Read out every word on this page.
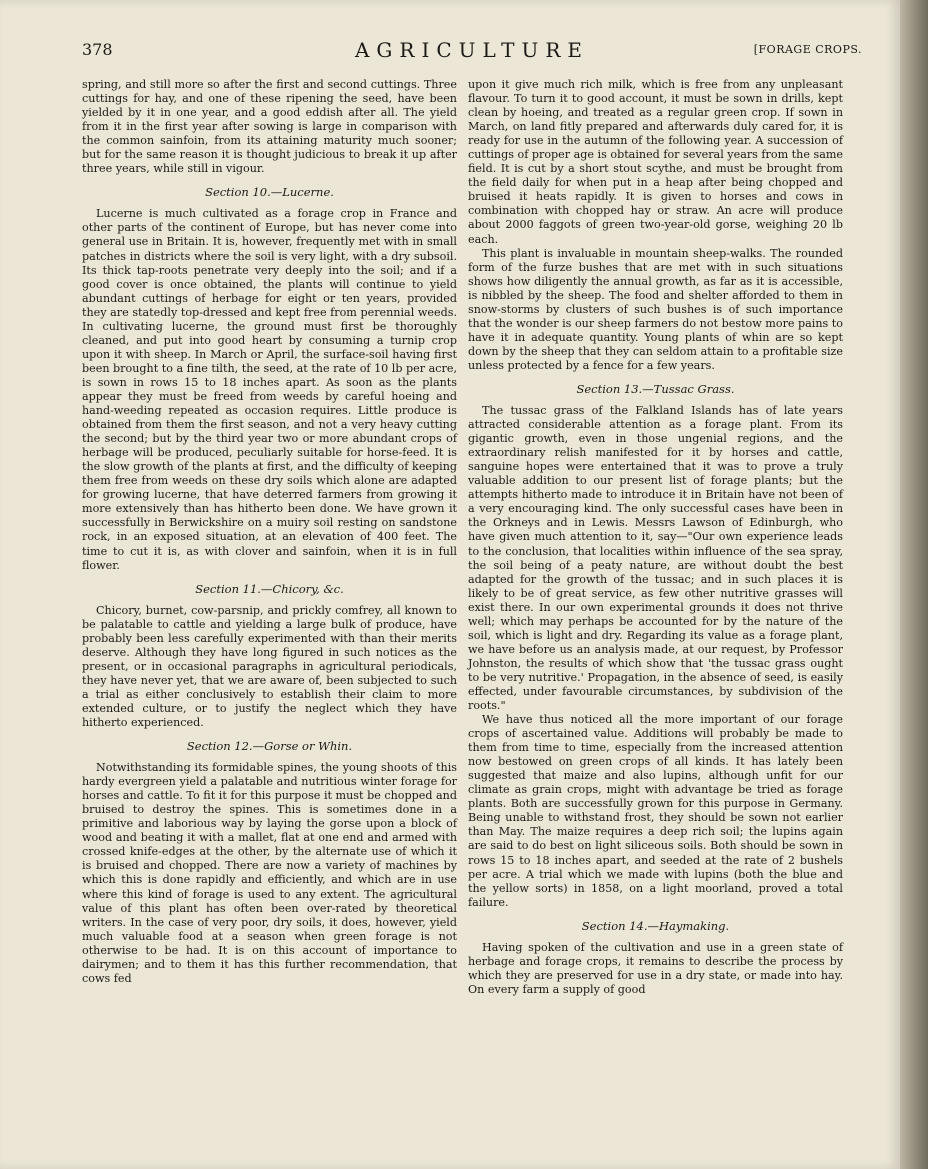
378	AGRICULTURE	[FORAGE CROPS.

spring, and still more so after the first and second cuttings. Three cuttings for hay, and one of these ripening the seed, have been yielded by it in one year, and a good eddish after all. The yield from it in the first year after sowing is large in comparison with the common sainfoin, from its attaining maturity much sooner; but for the same reason it is thought judicious to break it up after three years, while still in vigour.

Section 10.—Lucerne.

Lucerne is much cultivated as a forage crop in France and other parts of the continent of Europe, but has never come into general use in Britain. It is, however, frequently met with in small patches in districts where the soil is very light, with a dry subsoil. Its thick tap-roots penetrate very deeply into the soil; and if a good cover is once obtained, the plants will continue to yield abundant cuttings of herbage for eight or ten years, provided they are statedly top-dressed and kept free from perennial weeds. In cultivating lucerne, the ground must first be thoroughly cleaned, and put into good heart by consuming a turnip crop upon it with sheep. In March or April, the surface-soil having first been brought to a fine tilth, the seed, at the rate of 10 lb per acre, is sown in rows 15 to 18 inches apart. As soon as the plants appear they must be freed from weeds by careful hoeing and hand-weeding repeated as occasion requires. Little produce is obtained from them the first season, and not a very heavy cutting the second; but by the third year two or more abundant crops of herbage will be produced, peculiarly suitable for horse-feed. It is the slow growth of the plants at first, and the difficulty of keeping them free from weeds on these dry soils which alone are adapted for growing lucerne, that have deterred farmers from growing it more extensively than has hitherto been done. We have grown it successfully in Berwickshire on a muiry soil resting on sandstone rock, in an exposed situation, at an elevation of 400 feet. The time to cut it is, as with clover and sainfoin, when it is in full flower.

Section 11.—Chicory, &c.

Chicory, burnet, cow-parsnip, and prickly comfrey, all known to be palatable to cattle and yielding a large bulk of produce, have probably been less carefully experimented with than their merits deserve. Although they have long figured in such notices as the present, or in occasional paragraphs in agricultural periodicals, they have never yet, that we are aware of, been subjected to such a trial as either conclusively to establish their claim to more extended culture, or to justify the neglect which they have hitherto experienced.

Section 12.—Gorse or Whin.

Notwithstanding its formidable spines, the young shoots of this hardy evergreen yield a palatable and nutritious winter forage for horses and cattle. To fit it for this purpose it must be chopped and bruised to destroy the spines. This is sometimes done in a primitive and laborious way by laying the gorse upon a block of wood and beating it with a mallet, flat at one end and armed with crossed knife-edges at the other, by the alternate use of which it is bruised and chopped. There are now a variety of machines by which this is done rapidly and efficiently, and which are in use where this kind of forage is used to any extent. The agricultural value of this plant has often been over-rated by theoretical writers. In the case of very poor, dry soils, it does, however, yield much valuable food at a season when green forage is not otherwise to be had. It is on this account of importance to dairymen; and to them it has this further recommendation, that cows fed

upon it give much rich milk, which is free from any unpleasant flavour. To turn it to good account, it must be sown in drills, kept clean by hoeing, and treated as a regular green crop. If sown in March, on land fitly prepared and afterwards duly cared for, it is ready for use in the autumn of the following year. A succession of cuttings of proper age is obtained for several years from the same field. It is cut by a short stout scythe, and must be brought from the field daily for when put in a heap after being chopped and bruised it heats rapidly. It is given to horses and cows in combination with chopped hay or straw. An acre will produce about 2000 faggots of green two-year-old gorse, weighing 20 lb each.

This plant is invaluable in mountain sheep-walks. The rounded form of the furze bushes that are met with in such situations shows how diligently the annual growth, as far as it is accessible, is nibbled by the sheep. The food and shelter afforded to them in snow-storms by clusters of such bushes is of such importance that the wonder is our sheep farmers do not bestow more pains to have it in adequate quantity. Young plants of whin are so kept down by the sheep that they can seldom attain to a profitable size unless protected by a fence for a few years.

Section 13.—Tussac Grass.

The tussac grass of the Falkland Islands has of late years attracted considerable attention as a forage plant. From its gigantic growth, even in those ungenial regions, and the extraordinary relish manifested for it by horses and cattle, sanguine hopes were entertained that it was to prove a truly valuable addition to our present list of forage plants; but the attempts hitherto made to introduce it in Britain have not been of a very encouraging kind. The only successful cases have been in the Orkneys and in Lewis. Messrs Lawson of Edinburgh, who have given much attention to it, say—"Our own experience leads to the conclusion, that localities within influence of the sea spray, the soil being of a peaty nature, are without doubt the best adapted for the growth of the tussac; and in such places it is likely to be of great service, as few other nutritive grasses will exist there. In our own experimental grounds it does not thrive well; which may perhaps be accounted for by the nature of the soil, which is light and dry. Regarding its value as a forage plant, we have before us an analysis made, at our request, by Professor Johnston, the results of which show that 'the tussac grass ought to be very nutritive.' Propagation, in the absence of seed, is easily effected, under favourable circumstances, by subdivision of the roots."

We have thus noticed all the more important of our forage crops of ascertained value. Additions will probably be made to them from time to time, especially from the increased attention now bestowed on green crops of all kinds. It has lately been suggested that maize and also lupins, although unfit for our climate as grain crops, might with advantage be tried as forage plants. Both are successfully grown for this purpose in Germany. Being unable to withstand frost, they should be sown not earlier than May. The maize requires a deep rich soil; the lupins again are said to do best on light siliceous soils. Both should be sown in rows 15 to 18 inches apart, and seeded at the rate of 2 bushels per acre. A trial which we made with lupins (both the blue and the yellow sorts) in 1858, on a light moorland, proved a total failure.

Section 14.—Haymaking.

Having spoken of the cultivation and use in a green state of herbage and forage crops, it remains to describe the process by which they are preserved for use in a dry state, or made into hay. On every farm a supply of good
